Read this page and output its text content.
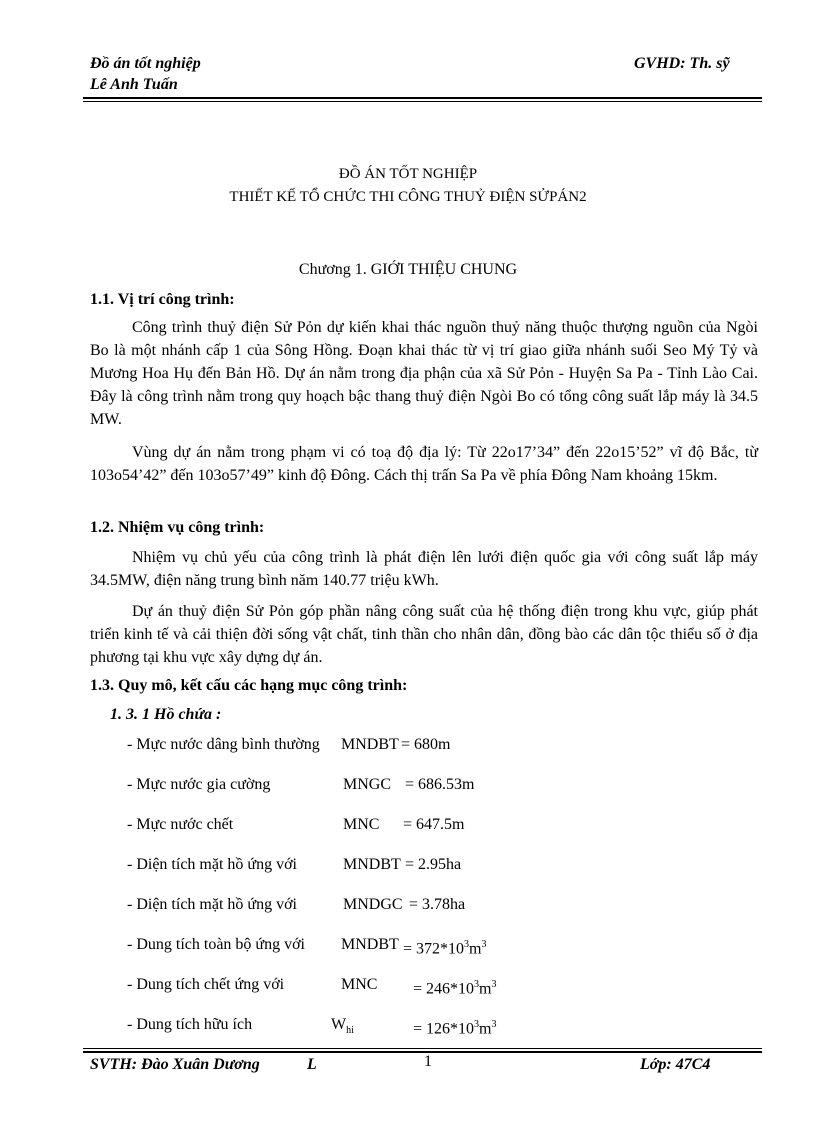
Đồ án tốt nghiệp
Lê Anh Tuấn
GVHD: Th. sỹ
ĐỒ ÁN TỐT NGHIỆP
THIẾT KẾ TỔ CHỨC THI CÔNG THUỶ ĐIỆN SỬPÁN2
Chương 1. GIỚI THIỆU CHUNG
1.1. Vị trí công trình:

Công trình thuỷ điện Sử Pỏn dự kiến khai thác nguồn thuỷ năng thuộc thượng nguồn của Ngòi Bo là một nhánh cấp 1 của Sông Hồng. Đoạn khai thác từ vị trí giao giữa nhánh suối Seo Mý Tỷ và Mương Hoa Hụ đến Bản Hồ. Dự án nằm trong địa phận của xã Sử Pỏn - Huyện Sa Pa - Tỉnh Lào Cai. Đây là công trình nằm trong quy hoạch bậc thang thuỷ điện Ngòi Bo có tổng công suất lắp máy là 34.5 MW.

Vùng dự án nằm trong phạm vi có toạ độ địa lý: Từ 22o17’34” đến 22o15’52” vĩ độ Bắc, từ 103o54’42” đến 103o57’49” kinh độ Đông. Cách thị trấn Sa Pa về phía Đông Nam khoảng 15km.

1.2. Nhiệm vụ công trình:

Nhiệm vụ chủ yếu của công trình là phát điện lên lưới điện quốc gia với công suất lắp máy 34.5MW, điện năng trung bình năm 140.77 triệu kWh.

Dự án thuỷ điện Sử Pỏn góp phần nâng công suất của hệ thống điện trong khu vực, giúp phát triển kinh tế và cải thiện đời sống vật chất, tinh thần cho nhân dân, đồng bào các dân tộc thiểu số ở địa phương tại khu vực xây dựng dự án.

1.3. Quy mô, kết cấu các hạng mục công trình:
1. 3. 1 Hồ chứa :
- Mực nước dâng bình thường MNDBT = 680m
- Mực nước gia cường	MNGC = 686.53m
- Mực nước chết	MNC = 647.5m
- Diện tích mặt hồ ứng với	MNDBT = 2.95ha
- Diện tích mặt hồ ứng với	MNDGC = 3.78ha
- Dung tích toàn bộ ứng với MNDBT = $372*10^3m^3$
- Dung tích chết ứng với	MNC = $246*10^3m^3$
- Dung tích hữu ích	$W_{hi}$	= $126*10^3m^3$
SVTH: Đào Xuân Dương	L	1	Lớp: 47C4
